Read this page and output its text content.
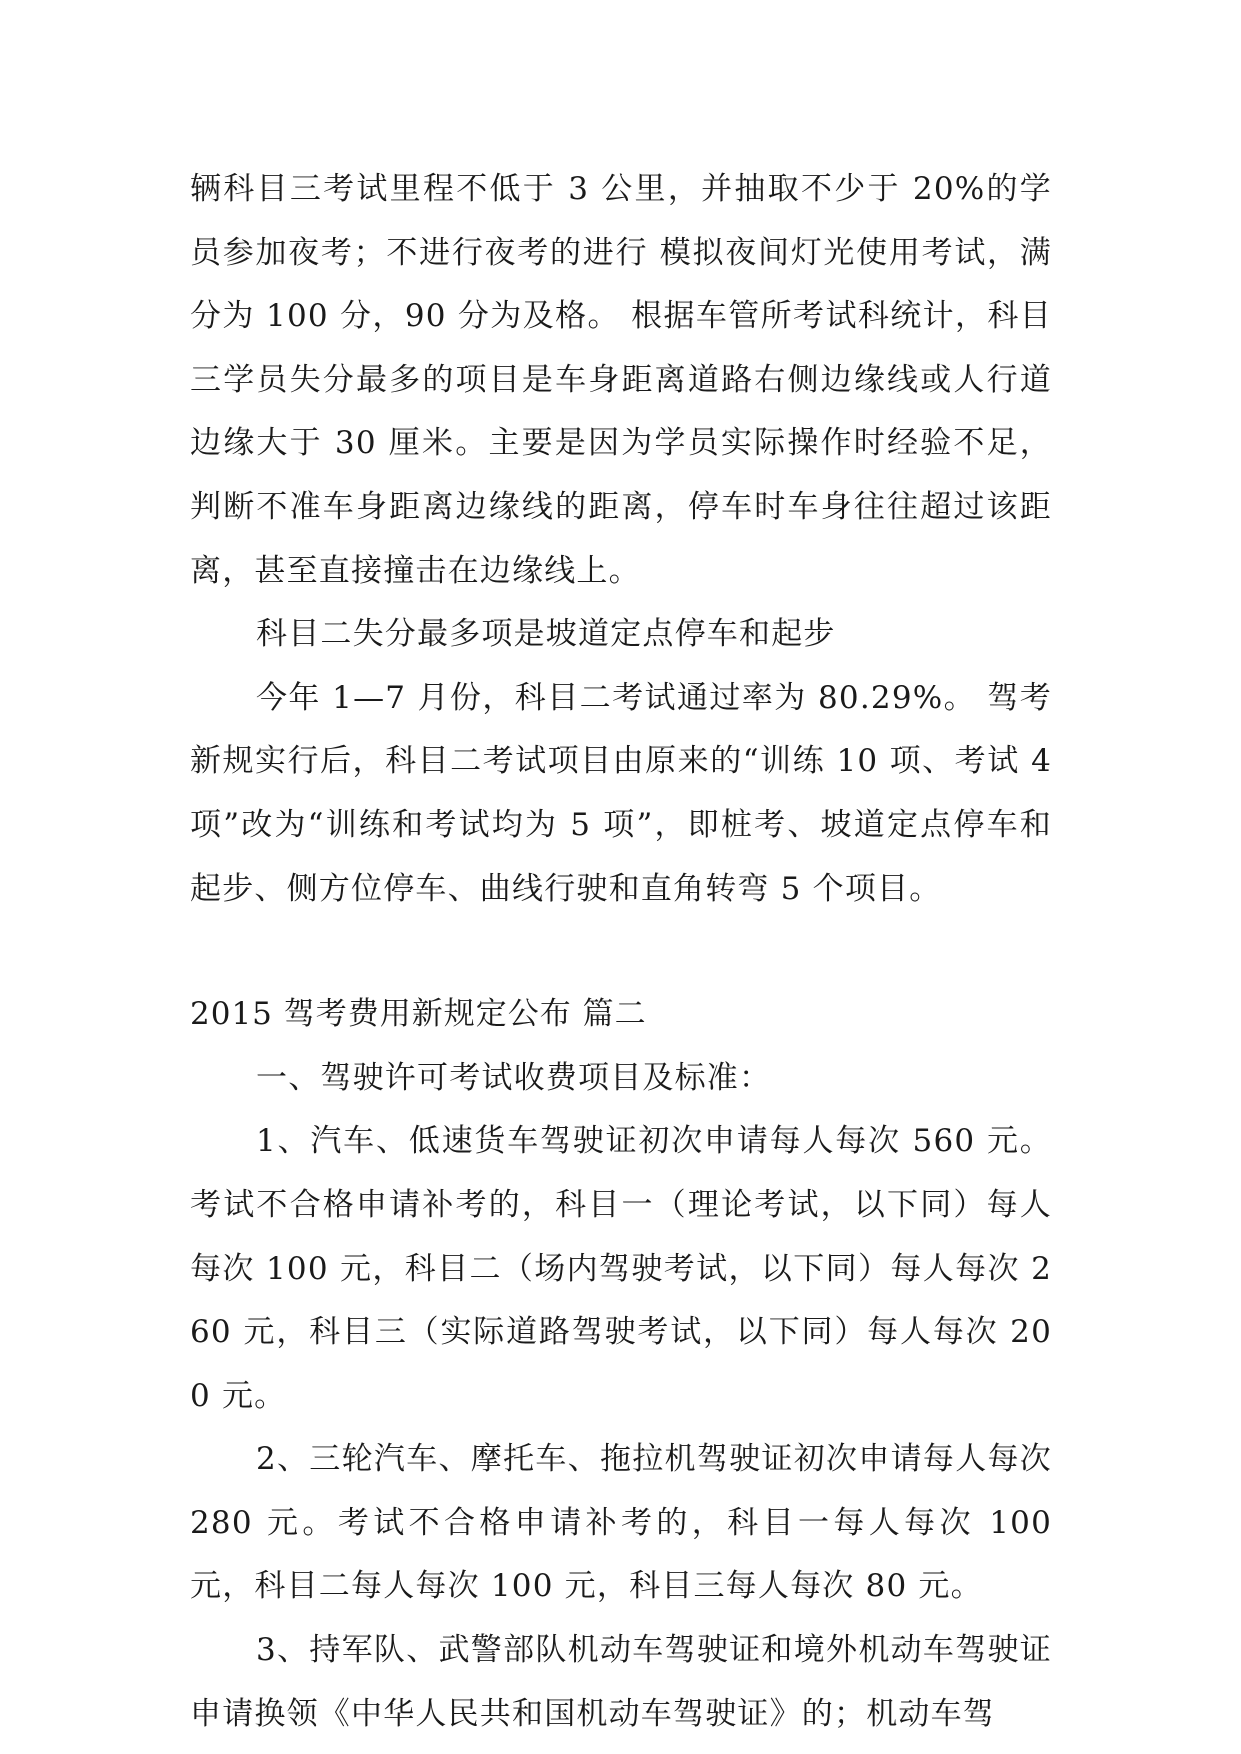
辆科目三考试里程不低于 3 公里，并抽取不少于 20%的学员参加夜考；不进行夜考的进行 模拟夜间灯光使用考试，满分为 100 分，90 分为及格。 根据车管所考试科统计，科目三学员失分最多的项目是车身距离道路右侧边缘线或人行道边缘大于 30 厘米。主要是因为学员实际操作时经验不足，判断不准车身距离边缘线的距离，停车时车身往往超过该距离，甚至直接撞击在边缘线上。

科目二失分最多项是坡道定点停车和起步

今年 1—7 月份，科目二考试通过率为 80.29%。 驾考新规实行后，科目二考试项目由原来的“训练 10 项、考试 4 项”改为“训练和考试均为 5 项”，即桩考、坡道定点停车和起步、侧方位停车、曲线行驶和直角转弯 5 个项目。

2015 驾考费用新规定公布 篇二

一、驾驶许可考试收费项目及标准：

1、汽车、低速货车驾驶证初次申请每人每次 560 元。考试不合格申请补考的，科目一（理论考试，以下同）每人每次 100 元，科目二（场内驾驶考试，以下同）每人每次 260 元，科目三（实际道路驾驶考试，以下同）每人每次 200 元。

2、三轮汽车、摩托车、拖拉机驾驶证初次申请每人每次 280 元。考试不合格申请补考的，科目一每人每次 100 元，科目二每人每次 100 元，科目三每人每次 80 元。

3、持军队、武警部队机动车驾驶证和境外机动车驾驶证申请换领《中华人民共和国机动车驾驶证》的；机动车驾
